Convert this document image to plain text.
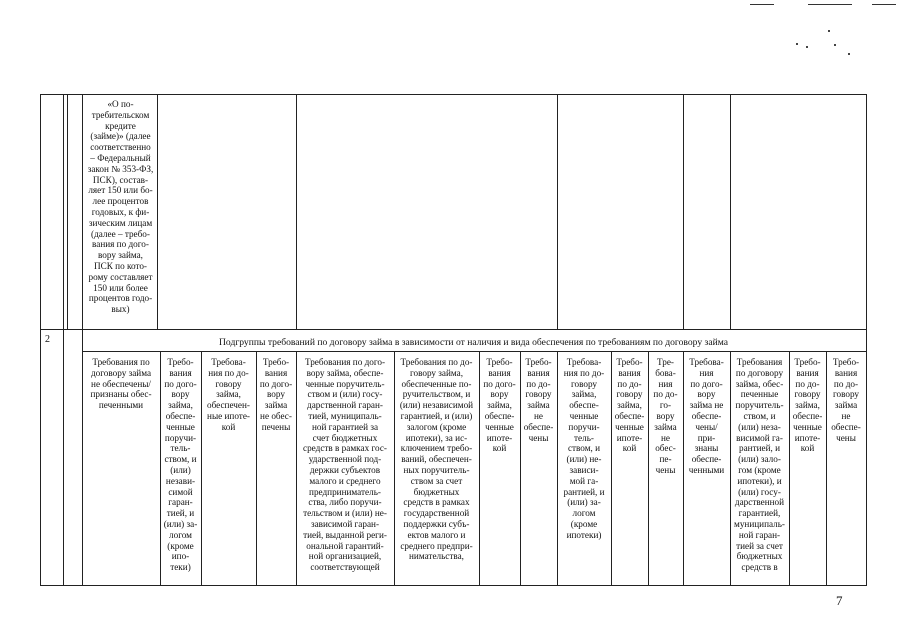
«О по-
требительском
кредите
(займе)» (далее
соответственно
– Федеральный
закон № 353-ФЗ,
ПСК), состав-
ляет 150 или бо-
лее процентов
годовых, к фи-
зическим лицам
(далее – требо-
вания по дого-
вору займа,
ПСК по кото-
рому составляет
150 или более
процентов годо-
вых)
2	Подгруппы требований по договору займа в зависимости от наличия и вида обеспечения по требованиям по договору займа
Требования по
договору займа
не обеспечены/
признаны обес-
печенными
Требо-
вания
по дого-
вору
займа,
обеспе-
ченные
поручи-
тель-
ством, и
(или)
незави-
симой
гаран-
тией, и
(или) за-
логом
(кроме
ипо-
теки)
Требова-
ния по до-
говору
займа,
обеспечен-
ные ипоте-
кой
Требо-
вания
по дого-
вору
займа
не обес-
печены
Требования по дого-
вору займа, обеспе-
ченные поручитель-
ством и (или) госу-
дарственной гаран-
тией, муниципаль-
ной гарантией за
счет бюджетных
средств в рамках гос-
ударственной под-
держки субъектов
малого и среднего
предприниматель-
ства, либо поручи-
тельством и (или) не-
зависимой гаран-
тией, выданной реги-
ональной гарантий-
ной организацией,
соответствующей
Требования по до-
говору займа,
обеспеченные по-
ручительством, и
(или) независимой
гарантией, и (или)
залогом (кроме
ипотеки), за ис-
ключением требо-
ваний, обеспечен-
ных поручитель-
ством за счет
бюджетных
средств в рамках
государственной
поддержки субъ-
ектов малого и
среднего предпри-
нимательства,
Требо-
вания
по дого-
вору
займа,
обеспе-
ченные
ипоте-
кой
Требо-
вания
по до-
говору
займа
не
обеспе-
чены
Требова-
ния по до-
говору
займа,
обеспе-
ченные
поручи-
тель-
ством, и
(или) не-
зависи-
мой га-
рантией, и
(или) за-
логом
(кроме
ипотеки)
Требо-
вания
по до-
говору
займа,
обеспе-
ченные
ипоте-
кой
Тре-
бова-
ния
по до-
го-
вору
займа
не
обес-
пе-
чены
Требова-
ния
по дого-
вору
займа не
обеспе-
чены/
при-
знаны
обеспе-
ченными
Требования
по договору
займа, обес-
печенные
поручитель-
ством, и
(или) неза-
висимой га-
рантией, и
(или) зало-
гом (кроме
ипотеки), и
(или) госу-
дарственной
гарантией,
муниципаль-
ной гаран-
тией за счет
бюджетных
средств в
Требо-
вания
по до-
говору
займа,
обеспе-
ченные
ипоте-
кой
Требо-
вания
по до-
говору
займа
не
обеспе-
чены
7
